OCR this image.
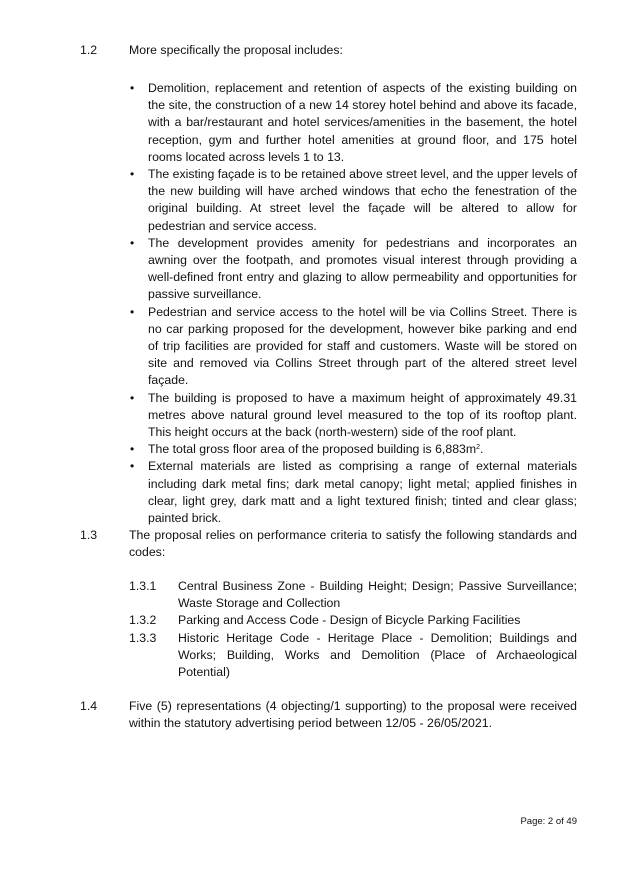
1.2	More specifically the proposal includes:
• Demolition, replacement and retention of aspects of the existing building on the site, the construction of a new 14 storey hotel behind and above its facade, with a bar/restaurant and hotel services/amenities in the basement, the hotel reception, gym and further hotel amenities at ground floor, and 175 hotel rooms located across levels 1 to 13.
• The existing façade is to be retained above street level, and the upper levels of the new building will have arched windows that echo the fenestration of the original building. At street level the façade will be altered to allow for pedestrian and service access.
• The development provides amenity for pedestrians and incorporates an awning over the footpath, and promotes visual interest through providing a well-defined front entry and glazing to allow permeability and opportunities for passive surveillance.
• Pedestrian and service access to the hotel will be via Collins Street. There is no car parking proposed for the development, however bike parking and end of trip facilities are provided for staff and customers. Waste will be stored on site and removed via Collins Street through part of the altered street level façade.
• The building is proposed to have a maximum height of approximately 49.31 metres above natural ground level measured to the top of its rooftop plant. This height occurs at the back (north-western) side of the roof plant.
• The total gross floor area of the proposed building is $6,883m^2$.
• External materials are listed as comprising a range of external materials including dark metal fins; dark metal canopy; light metal; applied finishes in clear, light grey, dark matt and a light textured finish; tinted and clear glass; painted brick.
1.3	The proposal relies on performance criteria to satisfy the following standards and codes:
1.3.1 Central Business Zone - Building Height; Design; Passive Surveillance; Waste Storage and Collection
1.3.2 Parking and Access Code - Design of Bicycle Parking Facilities
1.3.3 Historic Heritage Code - Heritage Place - Demolition; Buildings and Works; Building, Works and Demolition (Place of Archaeological Potential)
1.4	Five (5) representations (4 objecting/1 supporting) to the proposal were received within the statutory advertising period between 12/05 - 26/05/2021.
Page: 2 of 49
